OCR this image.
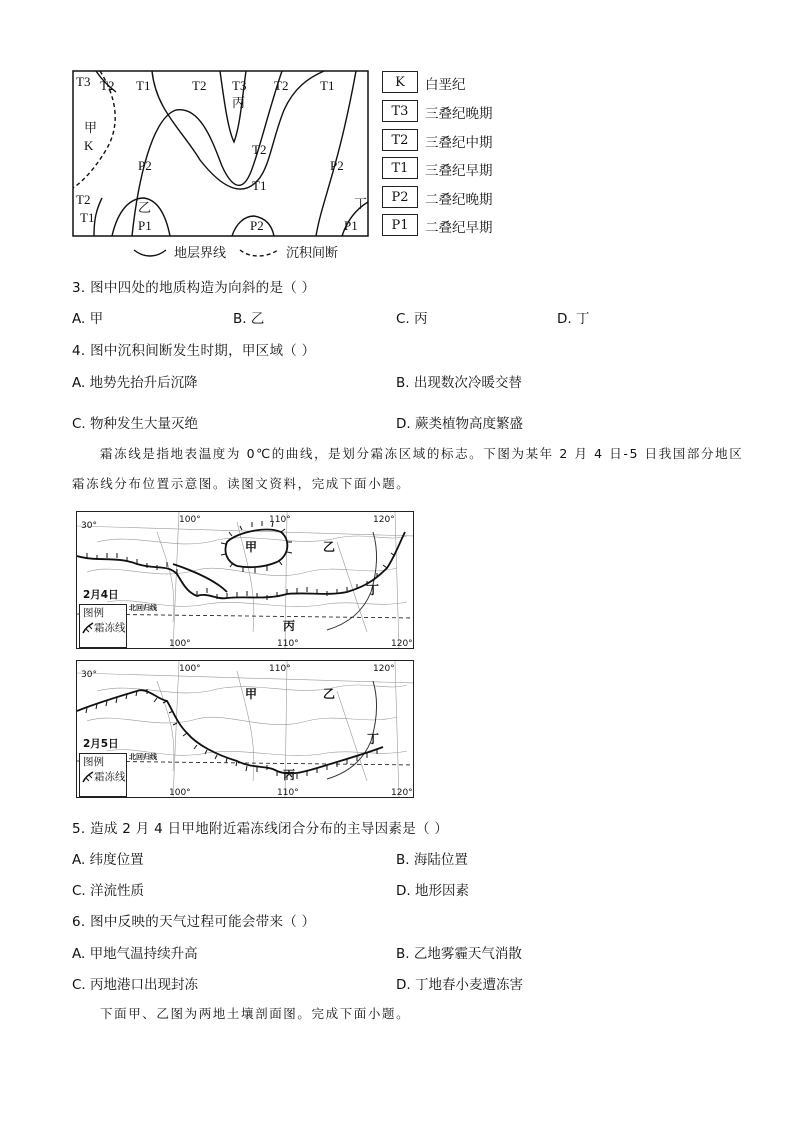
T3 T2 T1	T2 T3
丙
T2 T1
甲
K
P2
T2
T1
P2
T2
T1
乙
P1	P2
丁
P1
地层界线	沉积间断
K	白垩纪
T3	三叠纪晚期
T2	三叠纪中期
T1	三叠纪早期
P2	二叠纪晚期
P1	二叠纪早期
3. 图中四处的地质构造为向斜的是（ ）
A. 甲	B. 乙	C. 丙	D. 丁
4. 图中沉积间断发生时期，甲区域（ ）
A. 地势先抬升后沉降	B. 出现数次冷暖交替
C. 物种发生大量灭绝	D. 蕨类植物高度繁盛
霜冻线是指地表温度为 0℃的曲线，是划分霜冻区域的标志。下图为某年 2 月 4 日-5 日我国部分地区
霜冻线分布位置示意图。读图文资料，完成下面小题。
甲	乙
丙
丁
30°
100°	110°	120°
100°	110°	120°
北回归线
2月4日
图例
霜冻线
甲	乙
丙
丁
30°
100°	110°	120°
100°	110°	120°
北回归线
2月5日
图例
霜冻线
5. 造成 2 月 4 日甲地附近霜冻线闭合分布的主导因素是（ ）
A. 纬度位置	B. 海陆位置
C. 洋流性质	D. 地形因素
6. 图中反映的天气过程可能会带来（ ）
A. 甲地气温持续升高	B. 乙地雾霾天气消散
C. 丙地港口出现封冻	D. 丁地春小麦遭冻害
下面甲、乙图为两地土壤剖面图。完成下面小题。
